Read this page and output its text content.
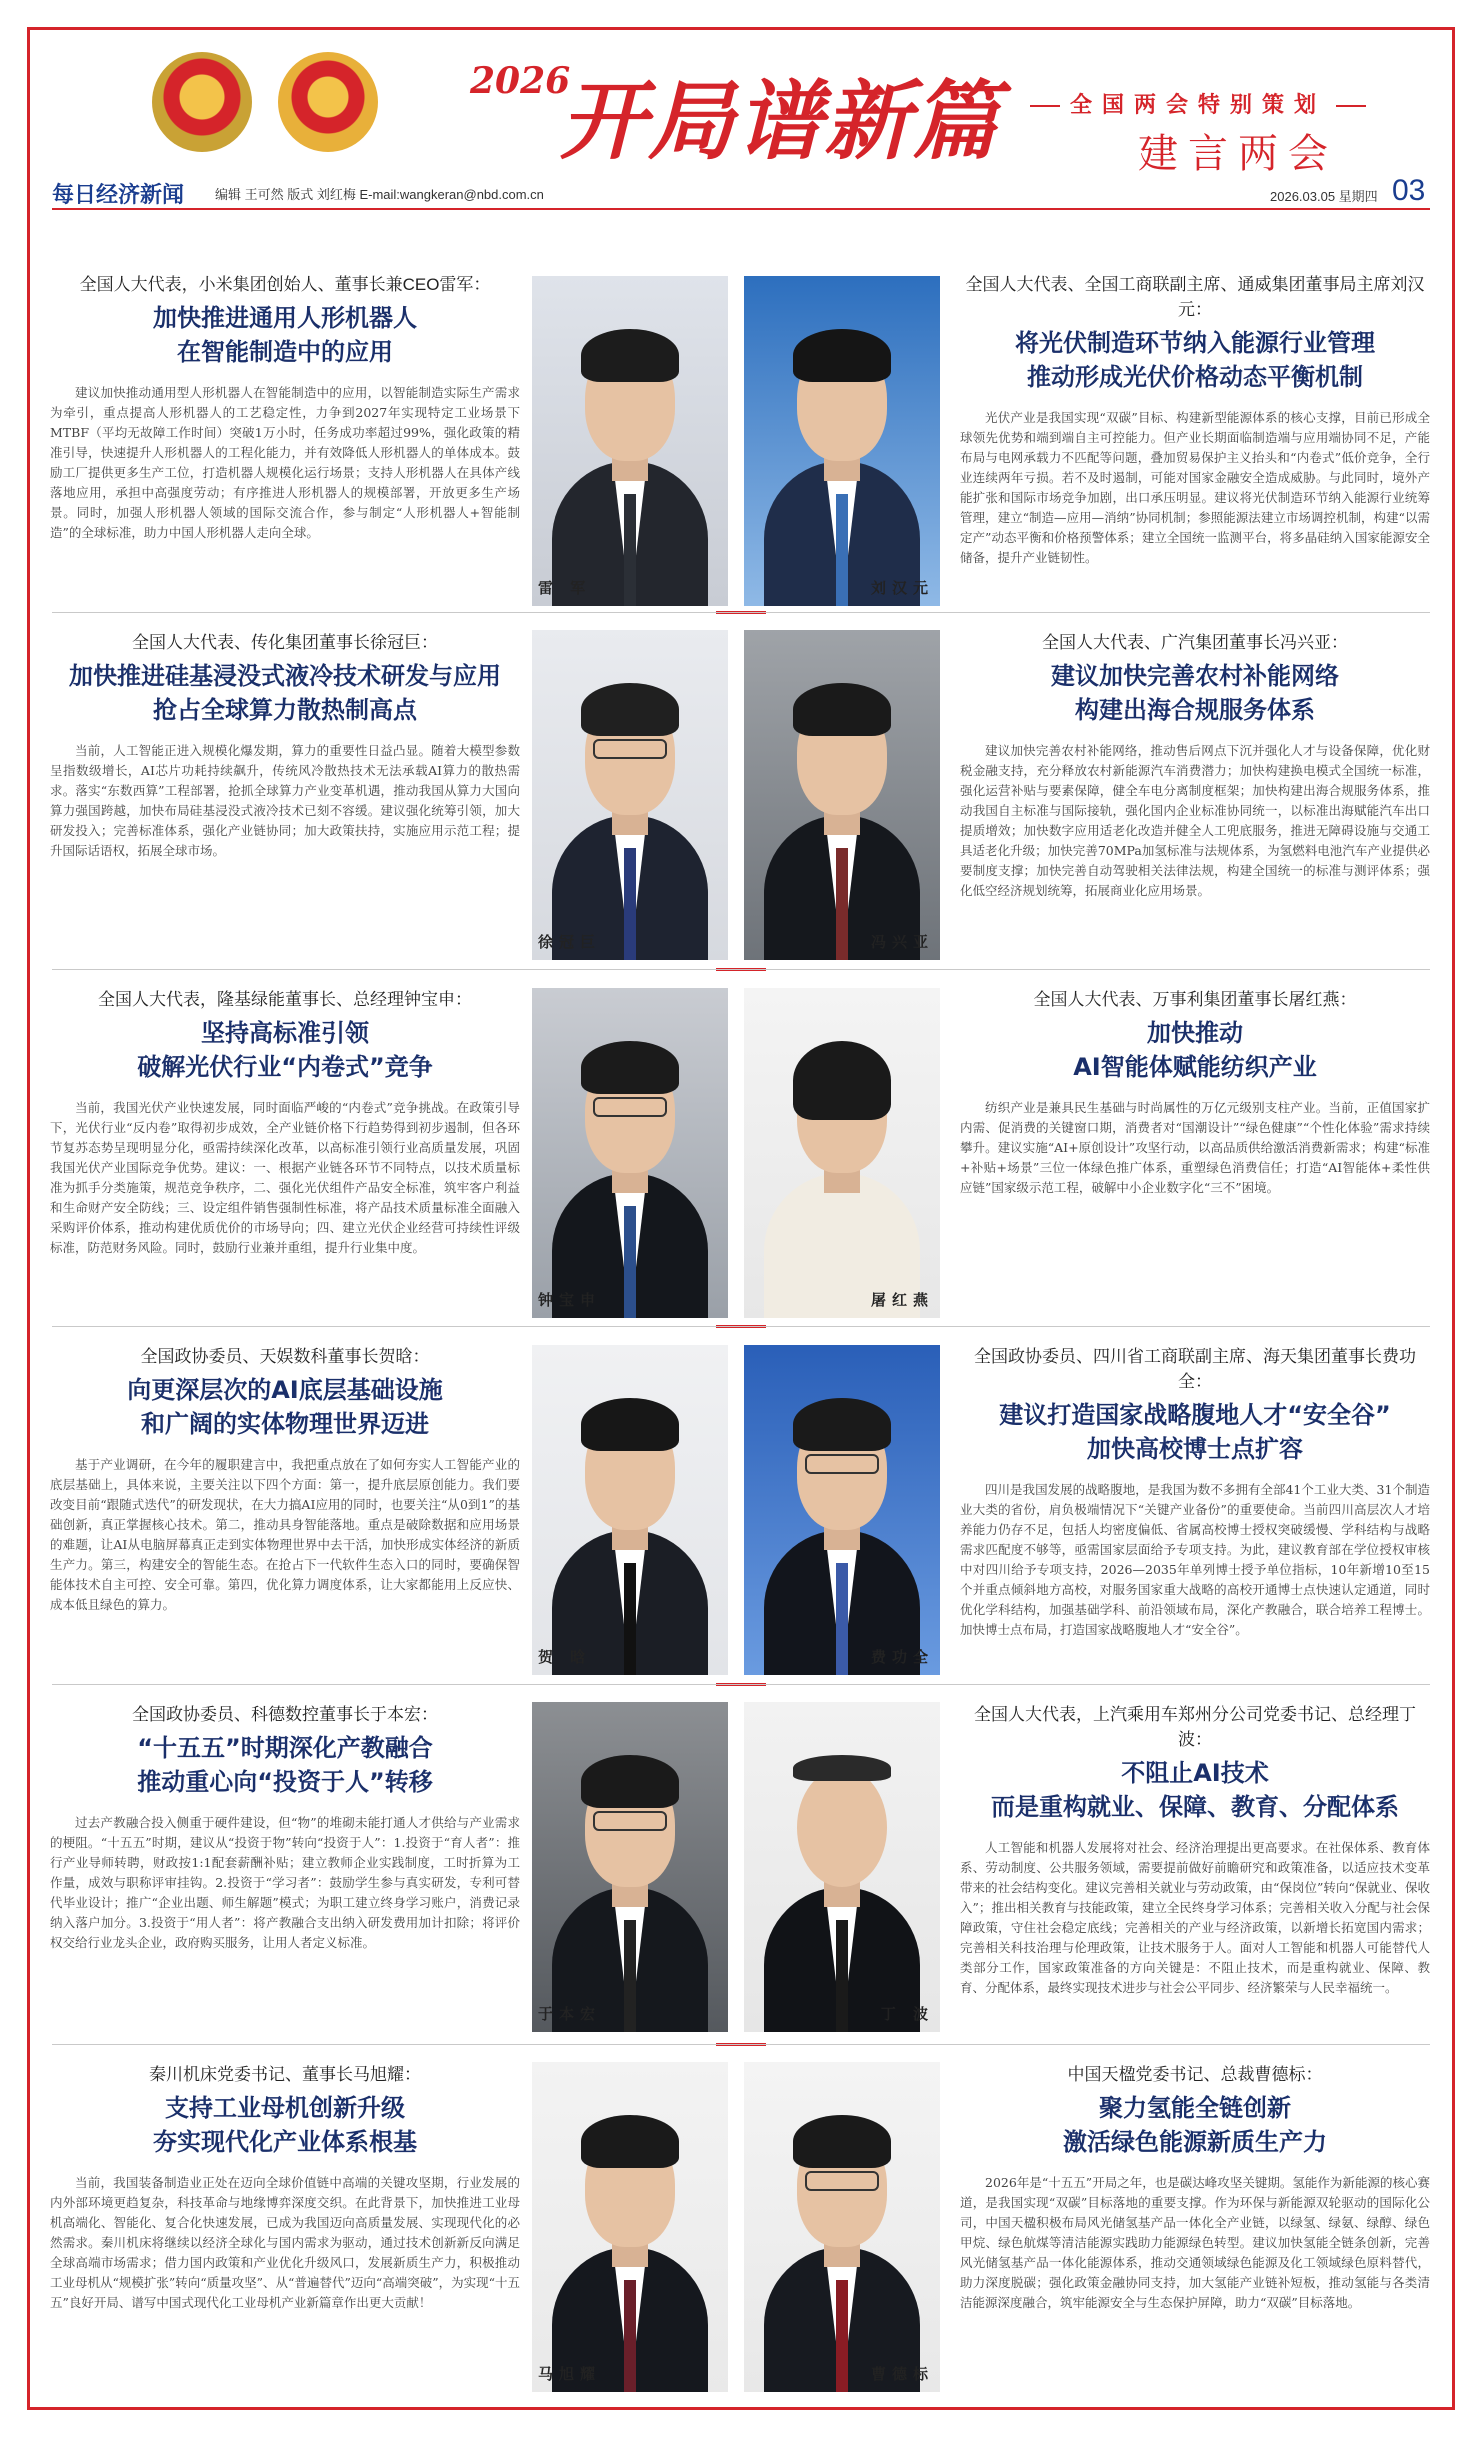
2026
开局谱新篇	全国两会特别策划
建言两会
每日经济新闻 编辑 王可然 版式 刘红梅 E-mail:wangkeran@nbd.com.cn	2026.03.05 星期四 03
全国人大代表，小米集团创始人、董事长兼CEO雷军：
加快推进通用人形机器人
在智能制造中的应用
建议加快推动通用型人形机器人在智能制造中的应用，以智能制造实际生产需求为牵引，重点提高人形机器人的工艺稳定性，力争到2027年实现特定工业场景下MTBF（平均无故障工作时间）突破1万小时，任务成功率超过99%，强化政策的精准引导，快速提升人形机器人的工程化能力，并有效降低人形机器人的单体成本。鼓励工厂提供更多生产工位，打造机器人规模化运行场景；支持人形机器人在具体产线落地应用，承担中高强度劳动；有序推进人形机器人的规模部署，开放更多生产场景。同时，加强人形机器人领域的国际交流合作，参与制定“人形机器人+智能制造”的全球标准，助力中国人形机器人走向全球。
雷 军	刘汉元
全国人大代表、全国工商联副主席、通威集团董事局主席刘汉元：
将光伏制造环节纳入能源行业管理
推动形成光伏价格动态平衡机制
光伏产业是我国实现“双碳”目标、构建新型能源体系的核心支撑，目前已形成全球领先优势和端到端自主可控能力。但产业长期面临制造端与应用端协同不足，产能布局与电网承载力不匹配等问题，叠加贸易保护主义抬头和“内卷式”低价竞争，全行业连续两年亏损。若不及时遏制，可能对国家金融安全造成威胁。与此同时，境外产能扩张和国际市场竞争加剧，出口承压明显。建议将光伏制造环节纳入能源行业统筹管理，建立“制造—应用—消纳”协同机制；参照能源法建立市场调控机制，构建“以需定产”动态平衡和价格预警体系；建立全国统一监测平台，将多晶硅纳入国家能源安全储备，提升产业链韧性。
全国人大代表、传化集团董事长徐冠巨：
加快推进硅基浸没式液冷技术研发与应用
抢占全球算力散热制高点
当前，人工智能正进入规模化爆发期，算力的重要性日益凸显。随着大模型参数呈指数级增长，AI芯片功耗持续飙升，传统风冷散热技术无法承载AI算力的散热需求。落实“东数西算”工程部署，抢抓全球算力产业变革机遇，推动我国从算力大国向算力强国跨越，加快布局硅基浸没式液冷技术已刻不容缓。建议强化统筹引领，加大研发投入；完善标准体系，强化产业链协同；加大政策扶持，实施应用示范工程；提升国际话语权，拓展全球市场。
徐冠巨	冯兴亚
全国人大代表、广汽集团董事长冯兴亚：
建议加快完善农村补能网络
构建出海合规服务体系
建议加快完善农村补能网络，推动售后网点下沉并强化人才与设备保障，优化财税金融支持，充分释放农村新能源汽车消费潜力；加快构建换电模式全国统一标准，强化运营补贴与要素保障，健全车电分离制度框架；加快构建出海合规服务体系，推动我国自主标准与国际接轨，强化国内企业标准协同统一，以标准出海赋能汽车出口提质增效；加快数字应用适老化改造并健全人工兜底服务，推进无障碍设施与交通工具适老化升级；加快完善70MPa加氢标准与法规体系，为氢燃料电池汽车产业提供必要制度支撑；加快完善自动驾驶相关法律法规，构建全国统一的标准与测评体系；强化低空经济规划统筹，拓展商业化应用场景。
全国人大代表，隆基绿能董事长、总经理钟宝申：
坚持高标准引领
破解光伏行业“内卷式”竞争
当前，我国光伏产业快速发展，同时面临严峻的“内卷式”竞争挑战。在政策引导下，光伏行业“反内卷”取得初步成效，全产业链价格下行趋势得到初步遏制，但各环节复苏态势呈现明显分化，亟需持续深化改革，以高标准引领行业高质量发展，巩固我国光伏产业国际竞争优势。建议：一、根据产业链各环节不同特点，以技术质量标准为抓手分类施策，规范竞争秩序，二、强化光伏组件产品安全标准，筑牢客户利益和生命财产安全防线；三、设定组件销售强制性标准，将产品技术质量标准全面融入采购评价体系，推动构建优质优价的市场导向；四、建立光伏企业经营可持续性评级标准，防范财务风险。同时，鼓励行业兼并重组，提升行业集中度。
钟宝申	屠红燕
全国人大代表、万事利集团董事长屠红燕：
加快推动
AI智能体赋能纺织产业
纺织产业是兼具民生基础与时尚属性的万亿元级别支柱产业。当前，正值国家扩内需、促消费的关键窗口期，消费者对“国潮设计”“绿色健康”“个性化体验”需求持续攀升。建议实施“AI+原创设计”攻坚行动，以高品质供给激活消费新需求；构建“标准+补贴+场景”三位一体绿色推广体系，重塑绿色消费信任；打造“AI智能体+柔性供应链”国家级示范工程，破解中小企业数字化“三不”困境。
全国政协委员、天娱数科董事长贺晗：
向更深层次的AI底层基础设施
和广阔的实体物理世界迈进
基于产业调研，在今年的履职建言中，我把重点放在了如何夯实人工智能产业的底层基础上，具体来说，主要关注以下四个方面：第一，提升底层原创能力。我们要改变目前“跟随式迭代”的研发现状，在大力搞AI应用的同时，也要关注“从0到1”的基础创新，真正掌握核心技术。第二，推动具身智能落地。重点是破除数据和应用场景的难题，让AI从电脑屏幕真正走到实体物理世界中去干活，加快形成实体经济的新质生产力。第三，构建安全的智能生态。在抢占下一代软件生态入口的同时，要确保智能体技术自主可控、安全可靠。第四，优化算力调度体系，让大家都能用上反应快、成本低且绿色的算力。
贺 晗	费功全
全国政协委员、四川省工商联副主席、海天集团董事长费功全：
建议打造国家战略腹地人才“安全谷”
加快高校博士点扩容
四川是我国发展的战略腹地，是我国为数不多拥有全部41个工业大类、31个制造业大类的省份，肩负极端情况下“关键产业备份”的重要使命。当前四川高层次人才培养能力仍存不足，包括人均密度偏低、省属高校博士授权突破缓慢、学科结构与战略需求匹配度不够等，亟需国家层面给予专项支持。为此，建议教育部在学位授权审核中对四川给予专项支持，2026—2035年单列博士授予单位指标，10年新增10至15个并重点倾斜地方高校，对服务国家重大战略的高校开通博士点快速认定通道，同时优化学科结构，加强基础学科、前沿领域布局，深化产教融合，联合培养工程博士。加快博士点布局，打造国家战略腹地人才“安全谷”。
全国政协委员、科德数控董事长于本宏：
“十五五”时期深化产教融合
推动重心向“投资于人”转移
过去产教融合投入侧重于硬件建设，但“物”的堆砌未能打通人才供给与产业需求的梗阻。“十五五”时期，建议从“投资于物”转向“投资于人”：1.投资于“育人者”：推行产业导师转聘，财政按1:1配套薪酬补贴；建立教师企业实践制度，工时折算为工作量，成效与职称评审挂钩。2.投资于“学习者”：鼓励学生参与真实研发，专利可替代毕业设计；推广“企业出题、师生解题”模式；为职工建立终身学习账户，消费记录纳入落户加分。3.投资于“用人者”：将产教融合支出纳入研发费用加计扣除；将评价权交给行业龙头企业，政府购买服务，让用人者定义标准。
于本宏	丁 波
全国人大代表，上汽乘用车郑州分公司党委书记、总经理丁波：
不阻止AI技术
而是重构就业、保障、教育、分配体系
人工智能和机器人发展将对社会、经济治理提出更高要求。在社保体系、教育体系、劳动制度、公共服务领域，需要提前做好前瞻研究和政策准备，以适应技术变革带来的社会结构变化。建议完善相关就业与劳动政策，由“保岗位”转向“保就业、保收入”；推出相关教育与技能政策，建立全民终身学习体系；完善相关收入分配与社会保障政策，守住社会稳定底线；完善相关的产业与经济政策，以新增长拓宽国内需求；完善相关科技治理与伦理政策，让技术服务于人。面对人工智能和机器人可能替代人类部分工作，国家政策准备的方向关键是：不阻止技术，而是重构就业、保障、教育、分配体系，最终实现技术进步与社会公平同步、经济繁荣与人民幸福统一。
秦川机床党委书记、董事长马旭耀：
支持工业母机创新升级
夯实现代化产业体系根基
当前，我国装备制造业正处在迈向全球价值链中高端的关键攻坚期，行业发展的内外部环境更趋复杂，科技革命与地缘博弈深度交织。在此背景下，加快推进工业母机高端化、智能化、复合化快速发展，已成为我国迈向高质量发展、实现现代化的必然需求。秦川机床将继续以经济全球化与国内需求为驱动，通过技术创新新反向满足全球高端市场需求；借力国内政策和产业优化升级风口，发展新质生产力，积极推动工业母机从“规模扩张”转向“质量攻坚”、从“普遍替代”迈向“高端突破”，为实现“十五五”良好开局、谱写中国式现代化工业母机产业新篇章作出更大贡献！
马旭耀	曹德标
中国天楹党委书记、总裁曹德标：
聚力氢能全链创新
激活绿色能源新质生产力
2026年是“十五五”开局之年，也是碳达峰攻坚关键期。氢能作为新能源的核心赛道，是我国实现“双碳”目标落地的重要支撑。作为环保与新能源双轮驱动的国际化公司，中国天楹积极布局风光储氢基产品一体化全产业链，以绿氢、绿氨、绿醇、绿色甲烷、绿色航煤等清洁能源实践助力能源绿色转型。建议加快氢能全链条创新，完善风光储氢基产品一体化能源体系，推动交通领域绿色能源及化工领域绿色原料替代，助力深度脱碳；强化政策金融协同支持，加大氢能产业链补短板，推动氢能与各类清洁能源深度融合，筑牢能源安全与生态保护屏障，助力“双碳”目标落地。
